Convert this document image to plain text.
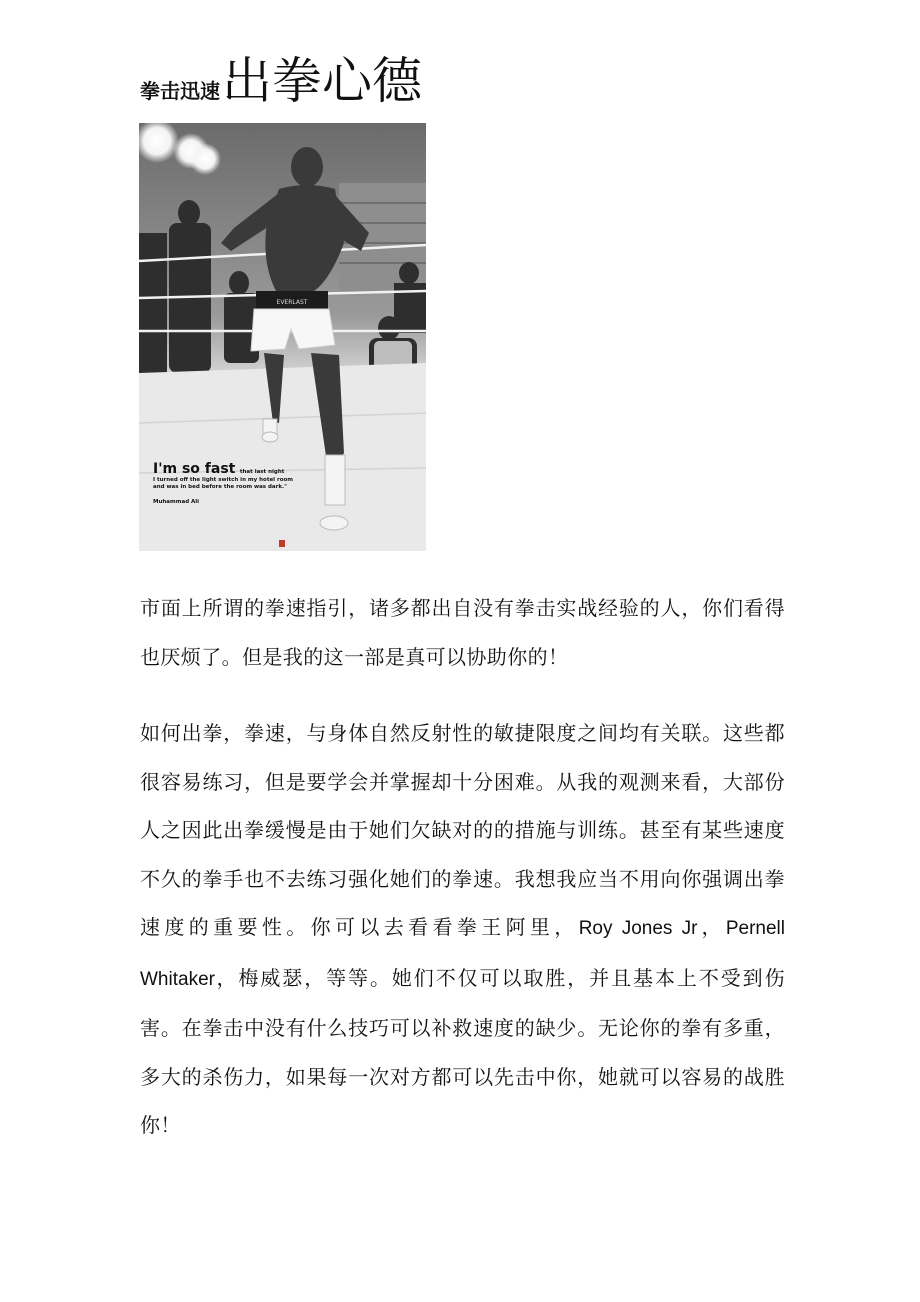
拳击迅速 出拳心德
EVERLAST
I'm so fast that last night
I turned off the light switch in my hotel room
and was in bed before the room was dark."
Muhammad Ali

市面上所谓的拳速指引，诸多都出自没有拳击实战经验的人，你们看得也厌烦了。但是我的这一部是真可以协助你的！

如何出拳，拳速，与身体自然反射性的敏捷限度之间均有关联。这些都很容易练习，但是要学会并掌握却十分困难。从我的观测来看，大部份人之因此出拳缓慢是由于她们欠缺对的的措施与训练。甚至有某些速度不久的拳手也不去练习强化她们的拳速。我想我应当不用向你强调出拳速度的重要性。你可以去看看拳王阿里，Roy Jones Jr，Pernell Whitaker，梅威瑟，等等。她们不仅可以取胜，并且基本上不受到伤害。在拳击中没有什么技巧可以补救速度的缺少。无论你的拳有多重，多大的杀伤力，如果每一次对方都可以先击中你，她就可以容易的战胜你！
